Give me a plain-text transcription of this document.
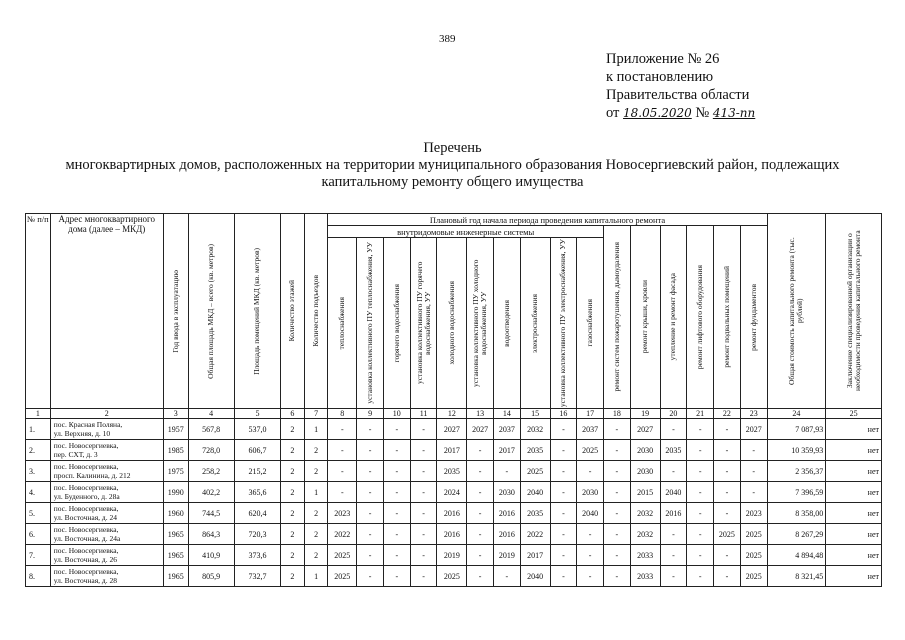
389
Приложение № 26
к постановлению
Правительства области
от 18.05.2020 № 413-пп
Перечень
многоквартирных домов, расположенных на территории муниципального образования Новосергиевский район, подлежащих
капитальному ремонту общего имущества
№ п/п	Адрес многоквартирного дома (далее – МКД)	Год ввода в эксплуатацию	Общая площадь МКД – всего (кв. метров)	Площадь помещений МКД (кв. метров)	Количество этажей	Количество подъездов	Плановый год начала периода проведения капитального ремонта																Общая стоимость капитального ремонта (тыс. рублей)	Заключение специализированной организации о необходимости проведения капитального ремонта

							внутридомовые инженерные системы										ремонт систем пожаротушения, дымоудаления	ремонт крыши, кровли	утепление и ремонт фасада	ремонт лифтового оборудования	ремонт подвальных помещений	ремонт фундаментов		

							теплоснабжения	установка коллективного ПУ теплоснабжения, УУ	горячего водоснабжения	установка коллективного ПУ горячего водоснабжения, УУ	холодного водоснабжения	установка коллективного ПУ холодного водоснабжения, УУ	водоотведения	электроснабжения	установка коллективного ПУ электроснабжения, УУ	газоснабжения								

1	2	3	4	5	6	7	8	9	10	11	12	13	14	15	16	17	18	19	20	21	22	23	24	25
1.	пос. Красная Поляна,
ул. Верхняя, д. 10	1957	567,8	537,0	2	1	-	-	-	-	2027	2027	2037	2032	-	2037	-	2027	-	-	-	2027	7 087,93	нет
2.	пос. Новосергиевка,
пер. СХТ, д. 3	1985	728,0	606,7	2	2	-	-	-	-	2017	-	2017	2035	-	2025	-	2030	2035	-	-	-	10 359,93	нет
3.	пос. Новосергиевка,
просп. Калинина, д. 212	1975	258,2	215,2	2	2	-	-	-	-	2035	-	-	2025	-	-	-	2030	-	-	-	-	2 356,37	нет
4.	пос. Новосергиевка,
ул. Буденного, д. 28а	1990	402,2	365,6	2	1	-	-	-	-	2024	-	2030	2040	-	2030	-	2015	2040	-	-	-	7 396,59	нет
5.	пос. Новосергиевка,
ул. Восточная, д. 24	1960	744,5	620,4	2	2	2023	-	-	-	2016	-	2016	2035	-	2040	-	2032	2016	-	-	2023	8 358,00	нет
6.	пос. Новосергиевка,
ул. Восточная, д. 24а	1965	864,3	720,3	2	2	2022	-	-	-	2016	-	2016	2022	-	-	-	2032	-	-	2025	2025	8 267,29	нет
7.	пос. Новосергиевка,
ул. Восточная, д. 26	1965	410,9	373,6	2	2	2025	-	-	-	2019	-	2019	2017	-	-	-	2033	-	-	-	2025	4 894,48	нет
8.	пос. Новосергиевка,
ул. Восточная, д. 28	1965	805,9	732,7	2	1	2025	-	-	-	2025	-	-	2040	-	-	-	2033	-	-	-	2025	8 321,45	нет
